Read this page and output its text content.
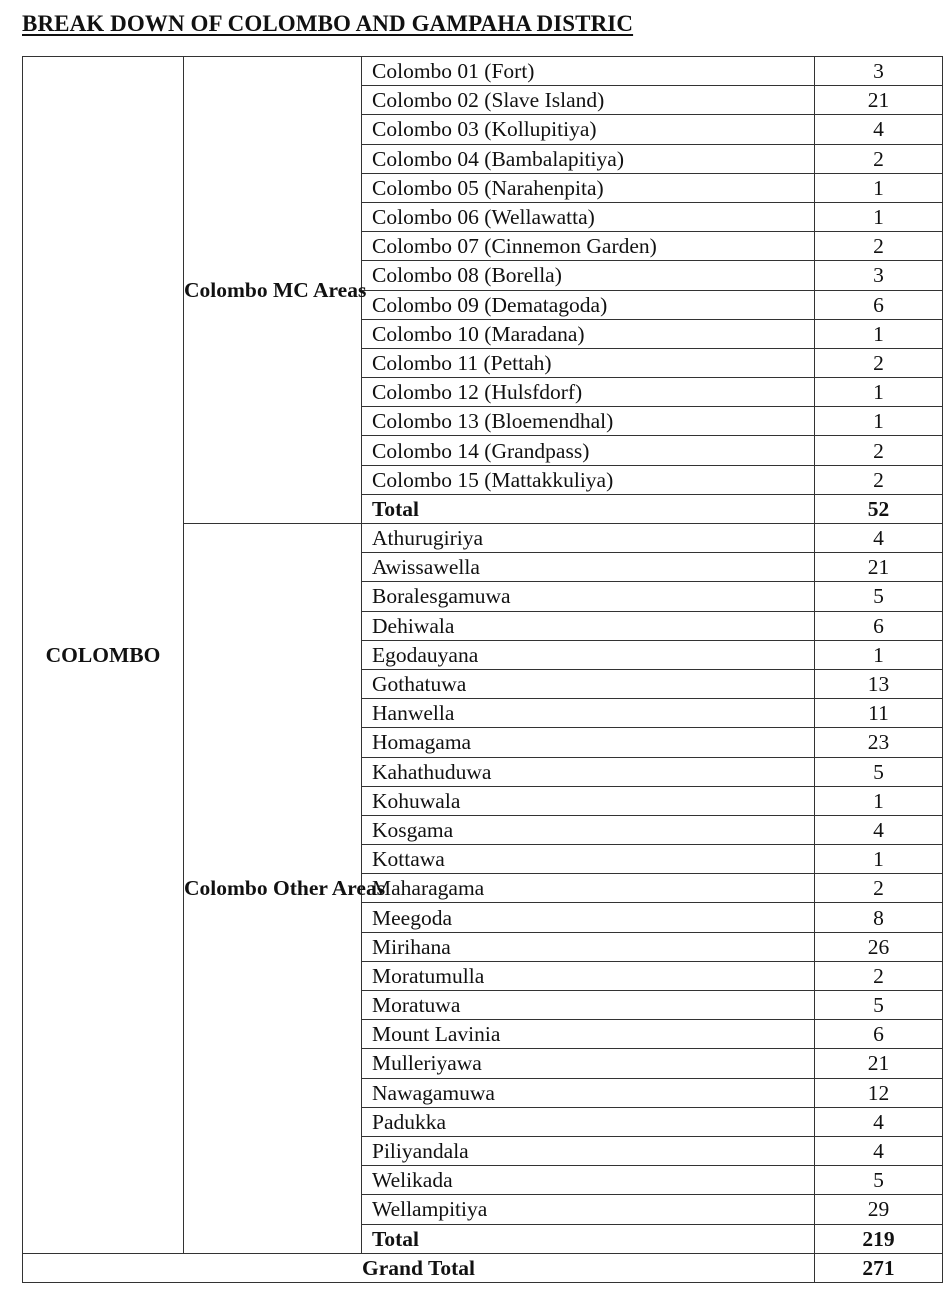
BREAK DOWN OF COLOMBO AND GAMPAHA DISTRIC
COLOMBO	Colombo MC Areas	Colombo 01 (Fort)	3
		Colombo 02 (Slave Island)	21
		Colombo 03 (Kollupitiya)	4
		Colombo 04 (Bambalapitiya)	2
		Colombo 05 (Narahenpita)	1
		Colombo 06 (Wellawatta)	1
		Colombo 07 (Cinnemon Garden)	2
		Colombo 08 (Borella)	3
		Colombo 09 (Dematagoda)	6
		Colombo 10 (Maradana)	1
		Colombo 11 (Pettah)	2
		Colombo 12 (Hulsfdorf)	1
		Colombo 13 (Bloemendhal)	1
		Colombo 14 (Grandpass)	2
		Colombo 15 (Mattakkuliya)	2
		Total	52
	Colombo Other Areas	Athurugiriya	4
		Awissawella	21
		Boralesgamuwa	5
		Dehiwala	6
		Egodauyana	1
		Gothatuwa	13
		Hanwella	11
		Homagama	23
		Kahathuduwa	5
		Kohuwala	1
		Kosgama	4
		Kottawa	1
		Maharagama	2
		Meegoda	8
		Mirihana	26
		Moratumulla	2
		Moratuwa	5
		Mount Lavinia	6
		Mulleriyawa	21
		Nawagamuwa	12
		Padukka	4
		Piliyandala	4
		Welikada	5
		Wellampitiya	29
		Total	219
Grand Total			271
